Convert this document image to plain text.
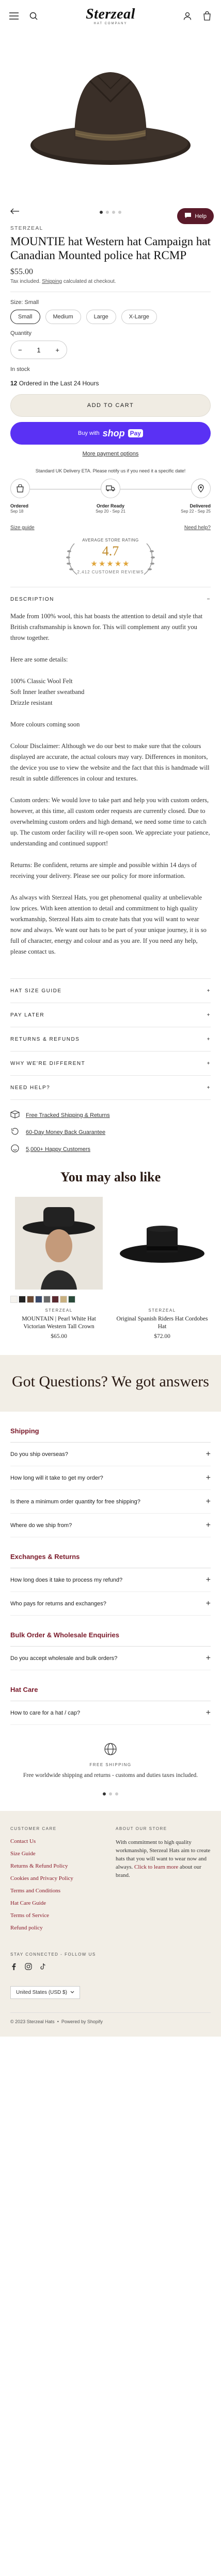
Sterzeal
HAT COMPANY
Help
STERZEAL
MOUNTIE hat Western hat Campaign hat Canadian Mounted police hat RCMP
$55.00
Tax included. Shipping calculated at checkout.
Size: Small
Small	Medium	Large	X-Large
Quantity
− 1 +
In stock
12 Ordered in the Last 24 Hours
ADD TO CART
Buy with shop Pay
More payment options
Standard UK Delivery ETA. Please notify us if you need it a specific date!
Ordered
Sep 18
Order Ready
Sep 20 - Sep 21
Delivered
Sep 22 - Sep 25
Size guide	Need help?
AVERAGE STORE RATING
4.7
★★★★★
2,412 CUSTOMER REVIEWS
DESCRIPTION	−

Made from 100% wool, this hat boasts the attention to detail and style that British craftsmanship is known for. This will complement any outfit you throw together.

Here are some details:

100% Classic Wool Felt
Soft Inner leather sweatband
Drizzle resistant

More colours coming soon

Colour Disclaimer: Although we do our best to make sure that the colours displayed are accurate, the actual colours may vary. Differences in monitors, the device you use to view the website and the fact that this is handmade will result in subtle differences in colour and textures.

Custom orders: We would love to take part and help you with custom orders, however, at this time, all custom order requests are currently closed. Due to overwhelming custom orders and high demand, we need some time to catch up. The custom order facility will re-open soon. We appreciate your patience, understanding and continued support!

Returns: Be confident, returns are simple and possible within 14 days of receiving your delivery. Please see our policy for more information.

As always with Sterzeal Hats, you get phenomenal quality at unbelievable low prices. With keen attention to detail and commitment to high quality workmanship, Sterzeal Hats aim to create hats that you will want to wear now and always. We want our hats to be part of your unique journey, it is so full of character, energy and colour and as you are. If you need any help, please contact us.

HAT SIZE GUIDE	+
PAY LATER	+
RETURNS & REFUNDS	+
WHY WE'RE DIFFERENT	+
NEED HELP?	+
Free Tracked Shipping & Returns
60-Day Money Back Guarantee
5,000+ Happy Customers
You may also like
STERZEAL
MOUNTAIN | Pearl White Hat Victorian Western Tall Crown
$65.00
STERZEAL
Original Spanish Riders Hat Cordobes Hat
$72.00
Got Questions? We got answers
Shipping
Do you ship overseas?	+
How long will it take to get my order?	+
Is there a minimum order quantity for free shipping?	+
Where do we ship from?	+
Exchanges & Returns
How long does it take to process my refund?	+
Who pays for returns and exchanges?	+
Bulk Order & Wholesale Enquiries
Do you accept wholesale and bulk orders?	+
Hat Care
How to care for a hat / cap?	+
FREE SHIPPING
Free worldwide shipping and returns - customs and duties taxes included.
CUSTOMER CARE
Contact Us
Size Guide
Returns & Refund Policy
Cookies and Privacy Policy
Terms and Conditions
Hat Care Guide
Terms of Service
Refund policy
ABOUT OUR STORE
With commitment to high quality workmanship, Sterzeal Hats aim to create hats that you will want to wear now and always. Click to learn more about our brand.
STAY CONNECTED - FOLLOW US
United States (USD $)
© 2023 Sterzeal Hats  •  Powered by Shopify
